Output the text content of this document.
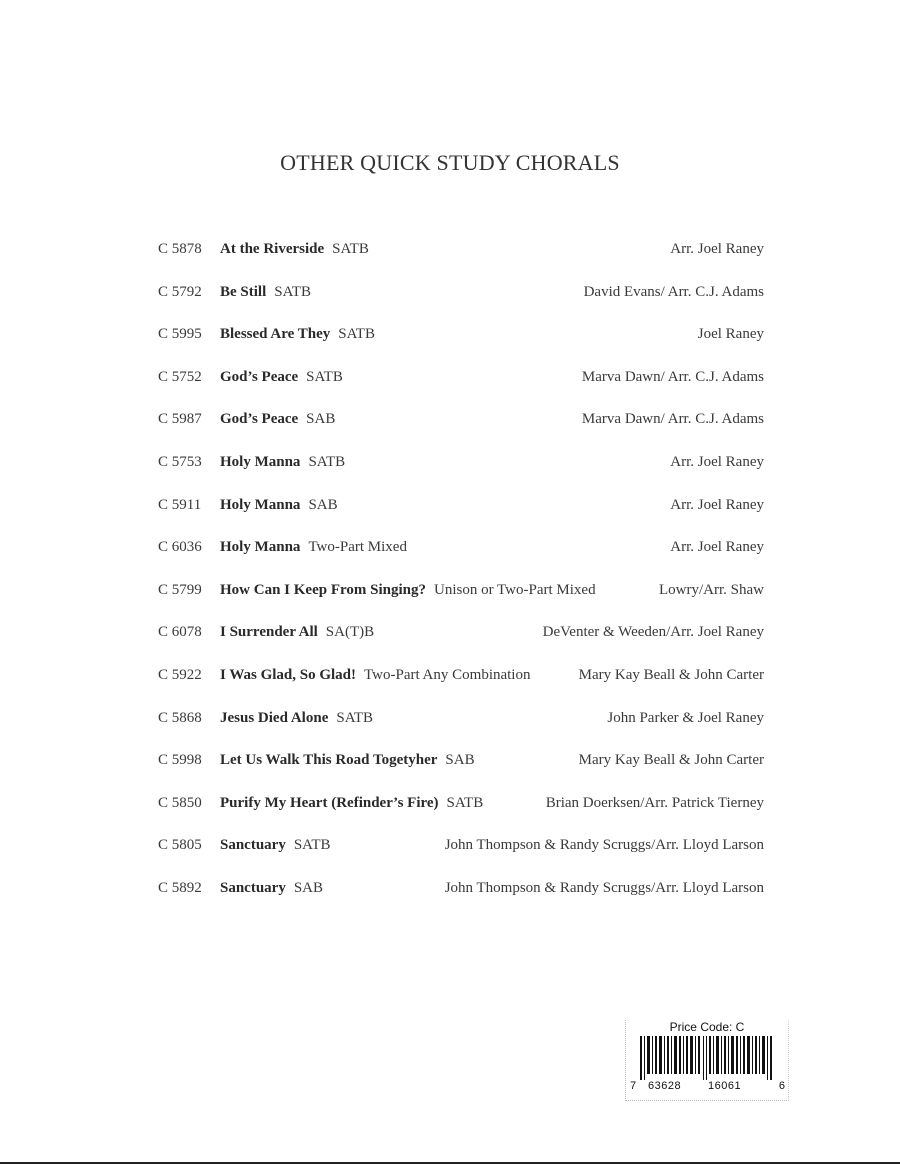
OTHER QUICK STUDY CHORALS
C 5878	At the Riverside SATB	Arr. Joel Raney
C 5792	Be Still SATB	David Evans/ Arr. C.J. Adams
C 5995	Blessed Are They SATB	Joel Raney
C 5752	God’s Peace SATB	Marva Dawn/ Arr. C.J. Adams
C 5987	God’s Peace SAB	Marva Dawn/ Arr. C.J. Adams
C 5753	Holy Manna SATB	Arr. Joel Raney
C 5911	Holy Manna SAB	Arr. Joel Raney
C 6036	Holy Manna Two-Part Mixed	Arr. Joel Raney
C 5799	How Can I Keep From Singing? Unison or Two-Part Mixed	Lowry/Arr. Shaw
C 6078	I Surrender All SA(T)B	DeVenter & Weeden/Arr. Joel Raney
C 5922	I Was Glad, So Glad! Two-Part Any Combination	Mary Kay Beall & John Carter
C 5868	Jesus Died Alone SATB	John Parker & Joel Raney
C 5998	Let Us Walk This Road Togetyher SAB	Mary Kay Beall & John Carter
C 5850	Purify My Heart (Refinder’s Fire) SATB	Brian Doerksen/Arr. Patrick Tierney
C 5805	Sanctuary SATB	John Thompson & Randy Scruggs/Arr. Lloyd Larson
C 5892	Sanctuary SAB	John Thompson & Randy Scruggs/Arr. Lloyd Larson
Price Code: C
7 63628 16061	6
